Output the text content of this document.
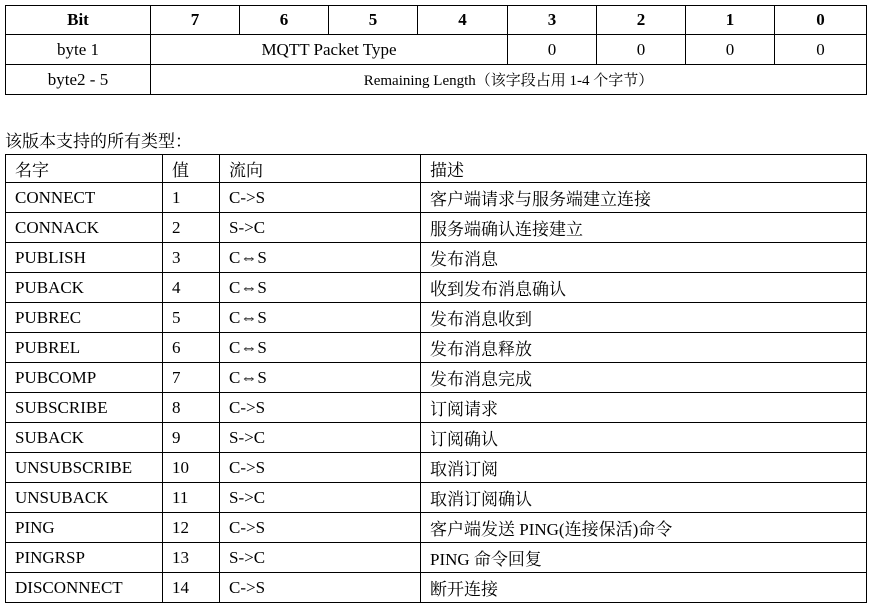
Bit	7	6	5	4	3	2	1	0
byte 1	MQTT Packet Type				0	0	0	0
byte2 - 5	Remaining Length（该字段占用 1-4 个字节）							

该版本支持的所有类型：

名字	值	流向	描述
CONNECT	1	C->S	客户端请求与服务端建立连接
CONNACK	2	S->C	服务端确认连接建立
PUBLISH	3	C⇔S	发布消息
PUBACK	4	C⇔S	收到发布消息确认
PUBREC	5	C⇔S	发布消息收到
PUBREL	6	C⇔S	发布消息释放
PUBCOMP	7	C⇔S	发布消息完成
SUBSCRIBE	8	C->S	订阅请求
SUBACK	9	S->C	订阅确认
UNSUBSCRIBE	10	C->S	取消订阅
UNSUBACK	11	S->C	取消订阅确认
PING	12	C->S	客户端发送 PING(连接保活)命令
PINGRSP	13	S->C	PING 命令回复
DISCONNECT	14	C->S	断开连接
